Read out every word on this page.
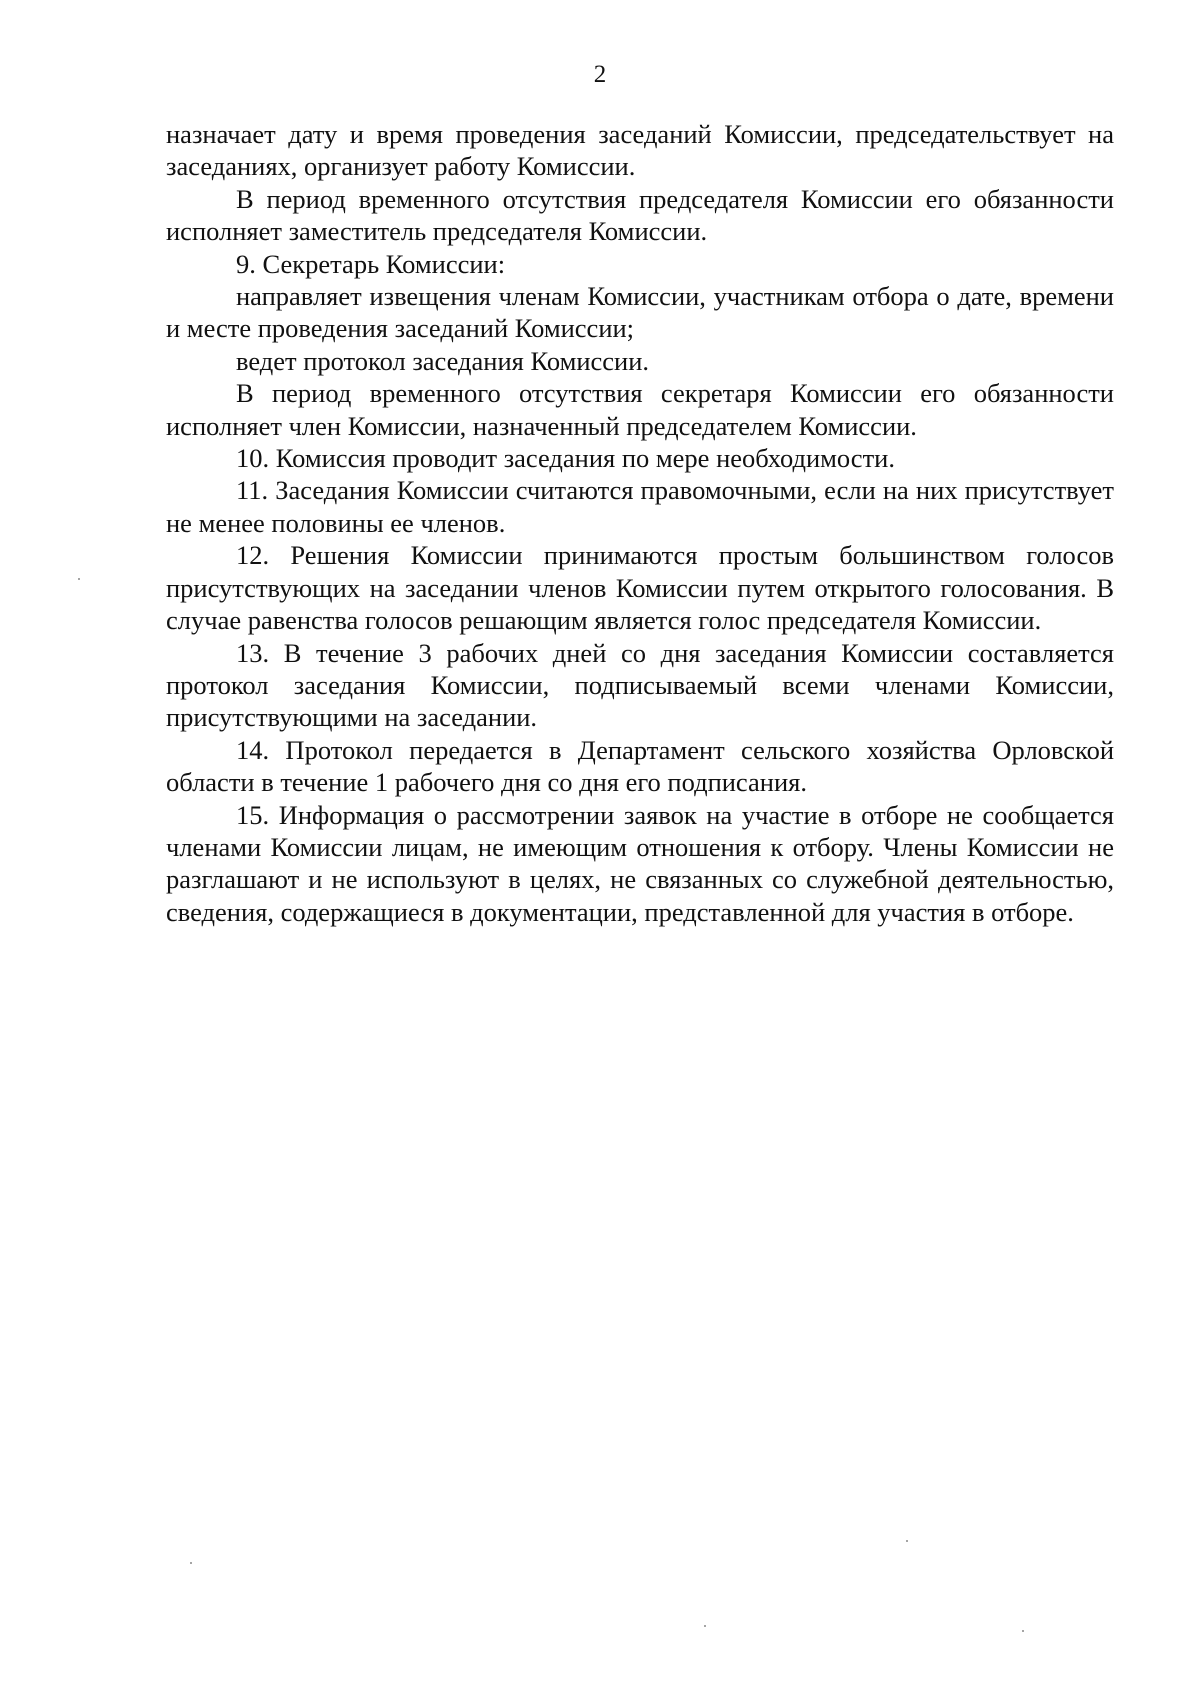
2

назначает дату и время проведения заседаний Комиссии, председательствует на заседаниях, организует работу Комиссии.

В период временного отсутствия председателя Комиссии его обязанности исполняет заместитель председателя Комиссии.

9. Секретарь Комиссии:

направляет извещения членам Комиссии, участникам отбора о дате, времени и месте проведения заседаний Комиссии;

ведет протокол заседания Комиссии.

В период временного отсутствия секретаря Комиссии его обязанности исполняет член Комиссии, назначенный председателем Комиссии.

10. Комиссия проводит заседания по мере необходимости.

11. Заседания Комиссии считаются правомочными, если на них присутствует не менее половины ее членов.

12. Решения Комиссии принимаются простым большинством голосов присутствующих на заседании членов Комиссии путем открытого голосования. В случае равенства голосов решающим является голос председателя Комиссии.

13. В течение 3 рабочих дней со дня заседания Комиссии составляется протокол заседания Комиссии, подписываемый всеми членами Комиссии, присутствующими на заседании.

14. Протокол передается в Департамент сельского хозяйства Орловской области в течение 1 рабочего дня со дня его подписания.

15. Информация о рассмотрении заявок на участие в отборе не сообщается членами Комиссии лицам, не имеющим отношения к отбору. Члены Комиссии не разглашают и не используют в целях, не связанных со служебной деятельностью, сведения, содержащиеся в документации, представленной для участия в отборе.
